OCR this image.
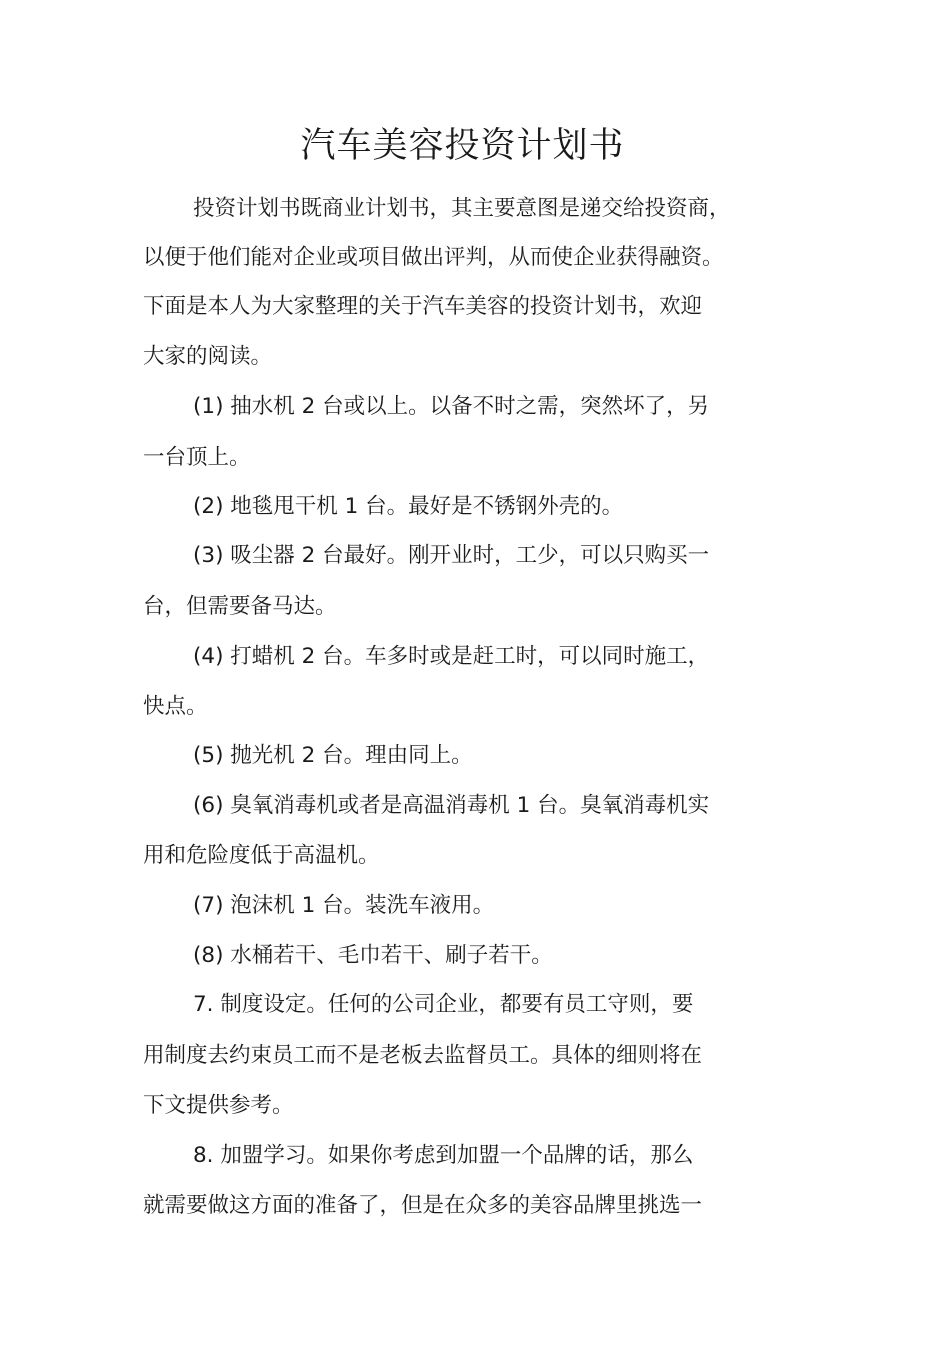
汽车美容投资计划书
投资计划书既商业计划书，其主要意图是递交给投资商，
以便于他们能对企业或项目做出评判，从而使企业获得融资。
下面是本人为大家整理的关于汽车美容的投资计划书，欢迎
大家的阅读。
(1) 抽水机 2 台或以上。以备不时之需，突然坏了，另
一台顶上。
(2) 地毯甩干机 1 台。最好是不锈钢外壳的。
(3) 吸尘器 2 台最好。刚开业时，工少，可以只购买一
台，但需要备马达。
(4) 打蜡机 2 台。车多时或是赶工时，可以同时施工，
快点。
(5) 抛光机 2 台。理由同上。
(6) 臭氧消毒机或者是高温消毒机 1 台。臭氧消毒机实
用和危险度低于高温机。
(7) 泡沫机 1 台。装洗车液用。
(8) 水桶若干、毛巾若干、刷子若干。
7. 制度设定。任何的公司企业，都要有员工守则，要
用制度去约束员工而不是老板去监督员工。具体的细则将在
下文提供参考。
8. 加盟学习。如果你考虑到加盟一个品牌的话，那么
就需要做这方面的准备了，但是在众多的美容品牌里挑选一
